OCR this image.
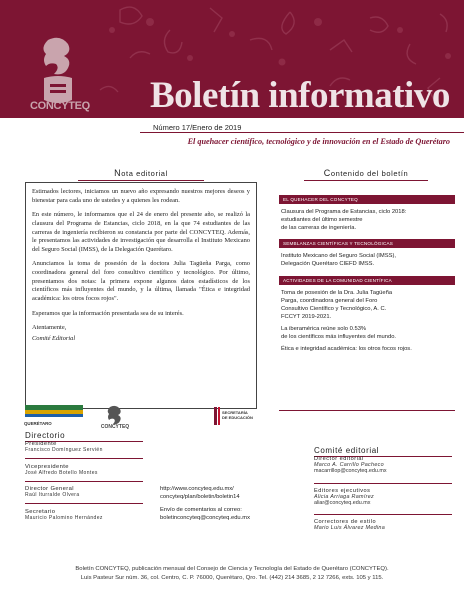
CONCYTEQ Boletín informativo
Número 17/Enero de 2019
El quehacer científico, tecnológico y de innovación en el Estado de Querétaro
Nota editorial

Estimados lectores, iniciamos un nuevo año expresando nuestros mejores deseos y bienestar para cada uno de ustedes y a quienes les rodean.

En este número, le informamos que el 24 de enero del presente año, se realizó la clausura del Programa de Estancias, ciclo 2018, en la que 74 estudiantes de las carreras de ingeniería recibieron su constancia por parte del CONCYTEQ. Además, le presentamos las actividades de investigación que desarrolla el Instituto Mexicano del Seguro Social (IMSS), de la Delegación Querétaro.

Anunciamos la toma de posesión de la doctora Julia Tagüeña Parga, como coordinadora general del foro consultivo científico y tecnológico. Por último, presentamos dos notas: la primera expone algunos datos estadísticos de los científicos más influyentes del mundo, y la última, llamada "Ética e integridad académica: los otros focos rojos".

Esperamos que la información presentada sea de su interés.

Atentamente,
Comité Editorial
Contenido del boletín
EL QUEHACER DEL CONCYTEQ
Clausura del Programa de Estancias, ciclo 2018:
estudiantes del último semestre
de las carreras de ingeniería.
SEMBLANZAS CIENTÍFICAS Y TECNOLÓGICAS
Instituto Mexicano del Seguro Social (IMSS),
Delegación Querétaro CIEFD IMSS.
ACTIVIDADES DE LA COMUNIDAD CIENTÍFICA
Toma de posesión de la Dra. Julia Tagüeña
Parga, coordinadora general del Foro
Consultivo Científico y Tecnológico, A. C.
FCCYT 2019-2021.
La iberamérica reúne solo 0.53%
de los científicos más influyentes del mundo.
Ética e integridad académica: los otros focos rojos.
QUERÉTARO
CONCYTEQ
SECRETARÍA
DE EDUCACIÓN
Directorio
Presidente
Francisco Domínguez Servién
Vicepresidente
José Alfredo Botello Montes
Director General
Raúl Iturralde Olvera
Secretario
Mauricio Palomino Hernández
http://www.concyteq.edu.mx/
concyteq/plan/boletin/boletin14
Envío de comentarios al correo:
boletinconcyteq@concyteq.edu.mx
Comité editorial
Director editorial
Marco A. Carrillo Pacheco
macarrillop@concyteq.edu.mx
Editores ejecutivos
Alicia Arriaga Ramírez
aliar@concyteq.edu.mx
Correctores de estilo
Mario Luis Álvarez Medina
Boletín CONCYTEQ, publicación mensual del Consejo de Ciencia y Tecnología del Estado de Querétaro (CONCYTEQ).
Luis Pasteur Sur núm. 36, col. Centro, C. P. 76000, Querétaro, Qro. Tel. (442) 214 3685, 2 12 7266, exts. 105 y 115.
